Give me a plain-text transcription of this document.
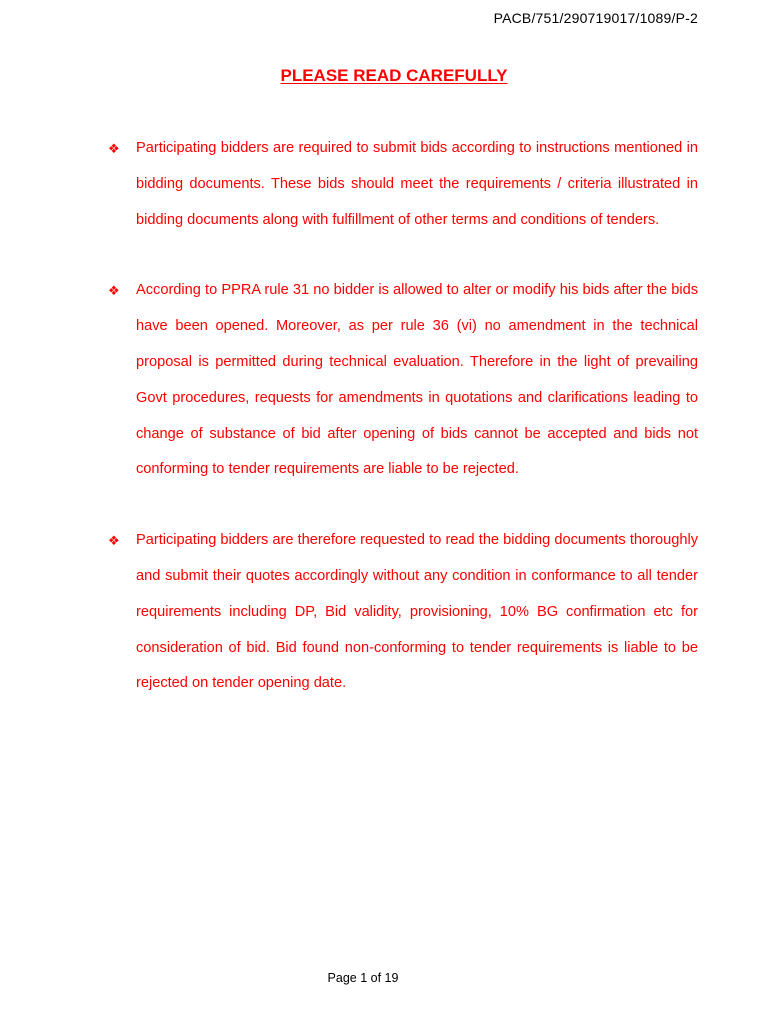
PACB/751/290719017/1089/P-2
PLEASE READ CAREFULLY
❖ Participating bidders are required to submit bids according to instructions mentioned in bidding documents. These bids should meet the requirements / criteria illustrated in bidding documents along with fulfillment of other terms and conditions of tenders.
❖ According to PPRA rule 31 no bidder is allowed to alter or modify his bids after the bids have been opened. Moreover, as per rule 36 (vi) no amendment in the technical proposal is permitted during technical evaluation. Therefore in the light of prevailing Govt procedures, requests for amendments in quotations and clarifications leading to change of substance of bid after opening of bids cannot be accepted and bids not conforming to tender requirements are liable to be rejected.
❖ Participating bidders are therefore requested to read the bidding documents thoroughly and submit their quotes accordingly without any condition in conformance to all tender requirements including DP, Bid validity, provisioning, 10% BG confirmation etc for consideration of bid. Bid found non-conforming to tender requirements is liable to be rejected on tender opening date.
Page 1 of 19
